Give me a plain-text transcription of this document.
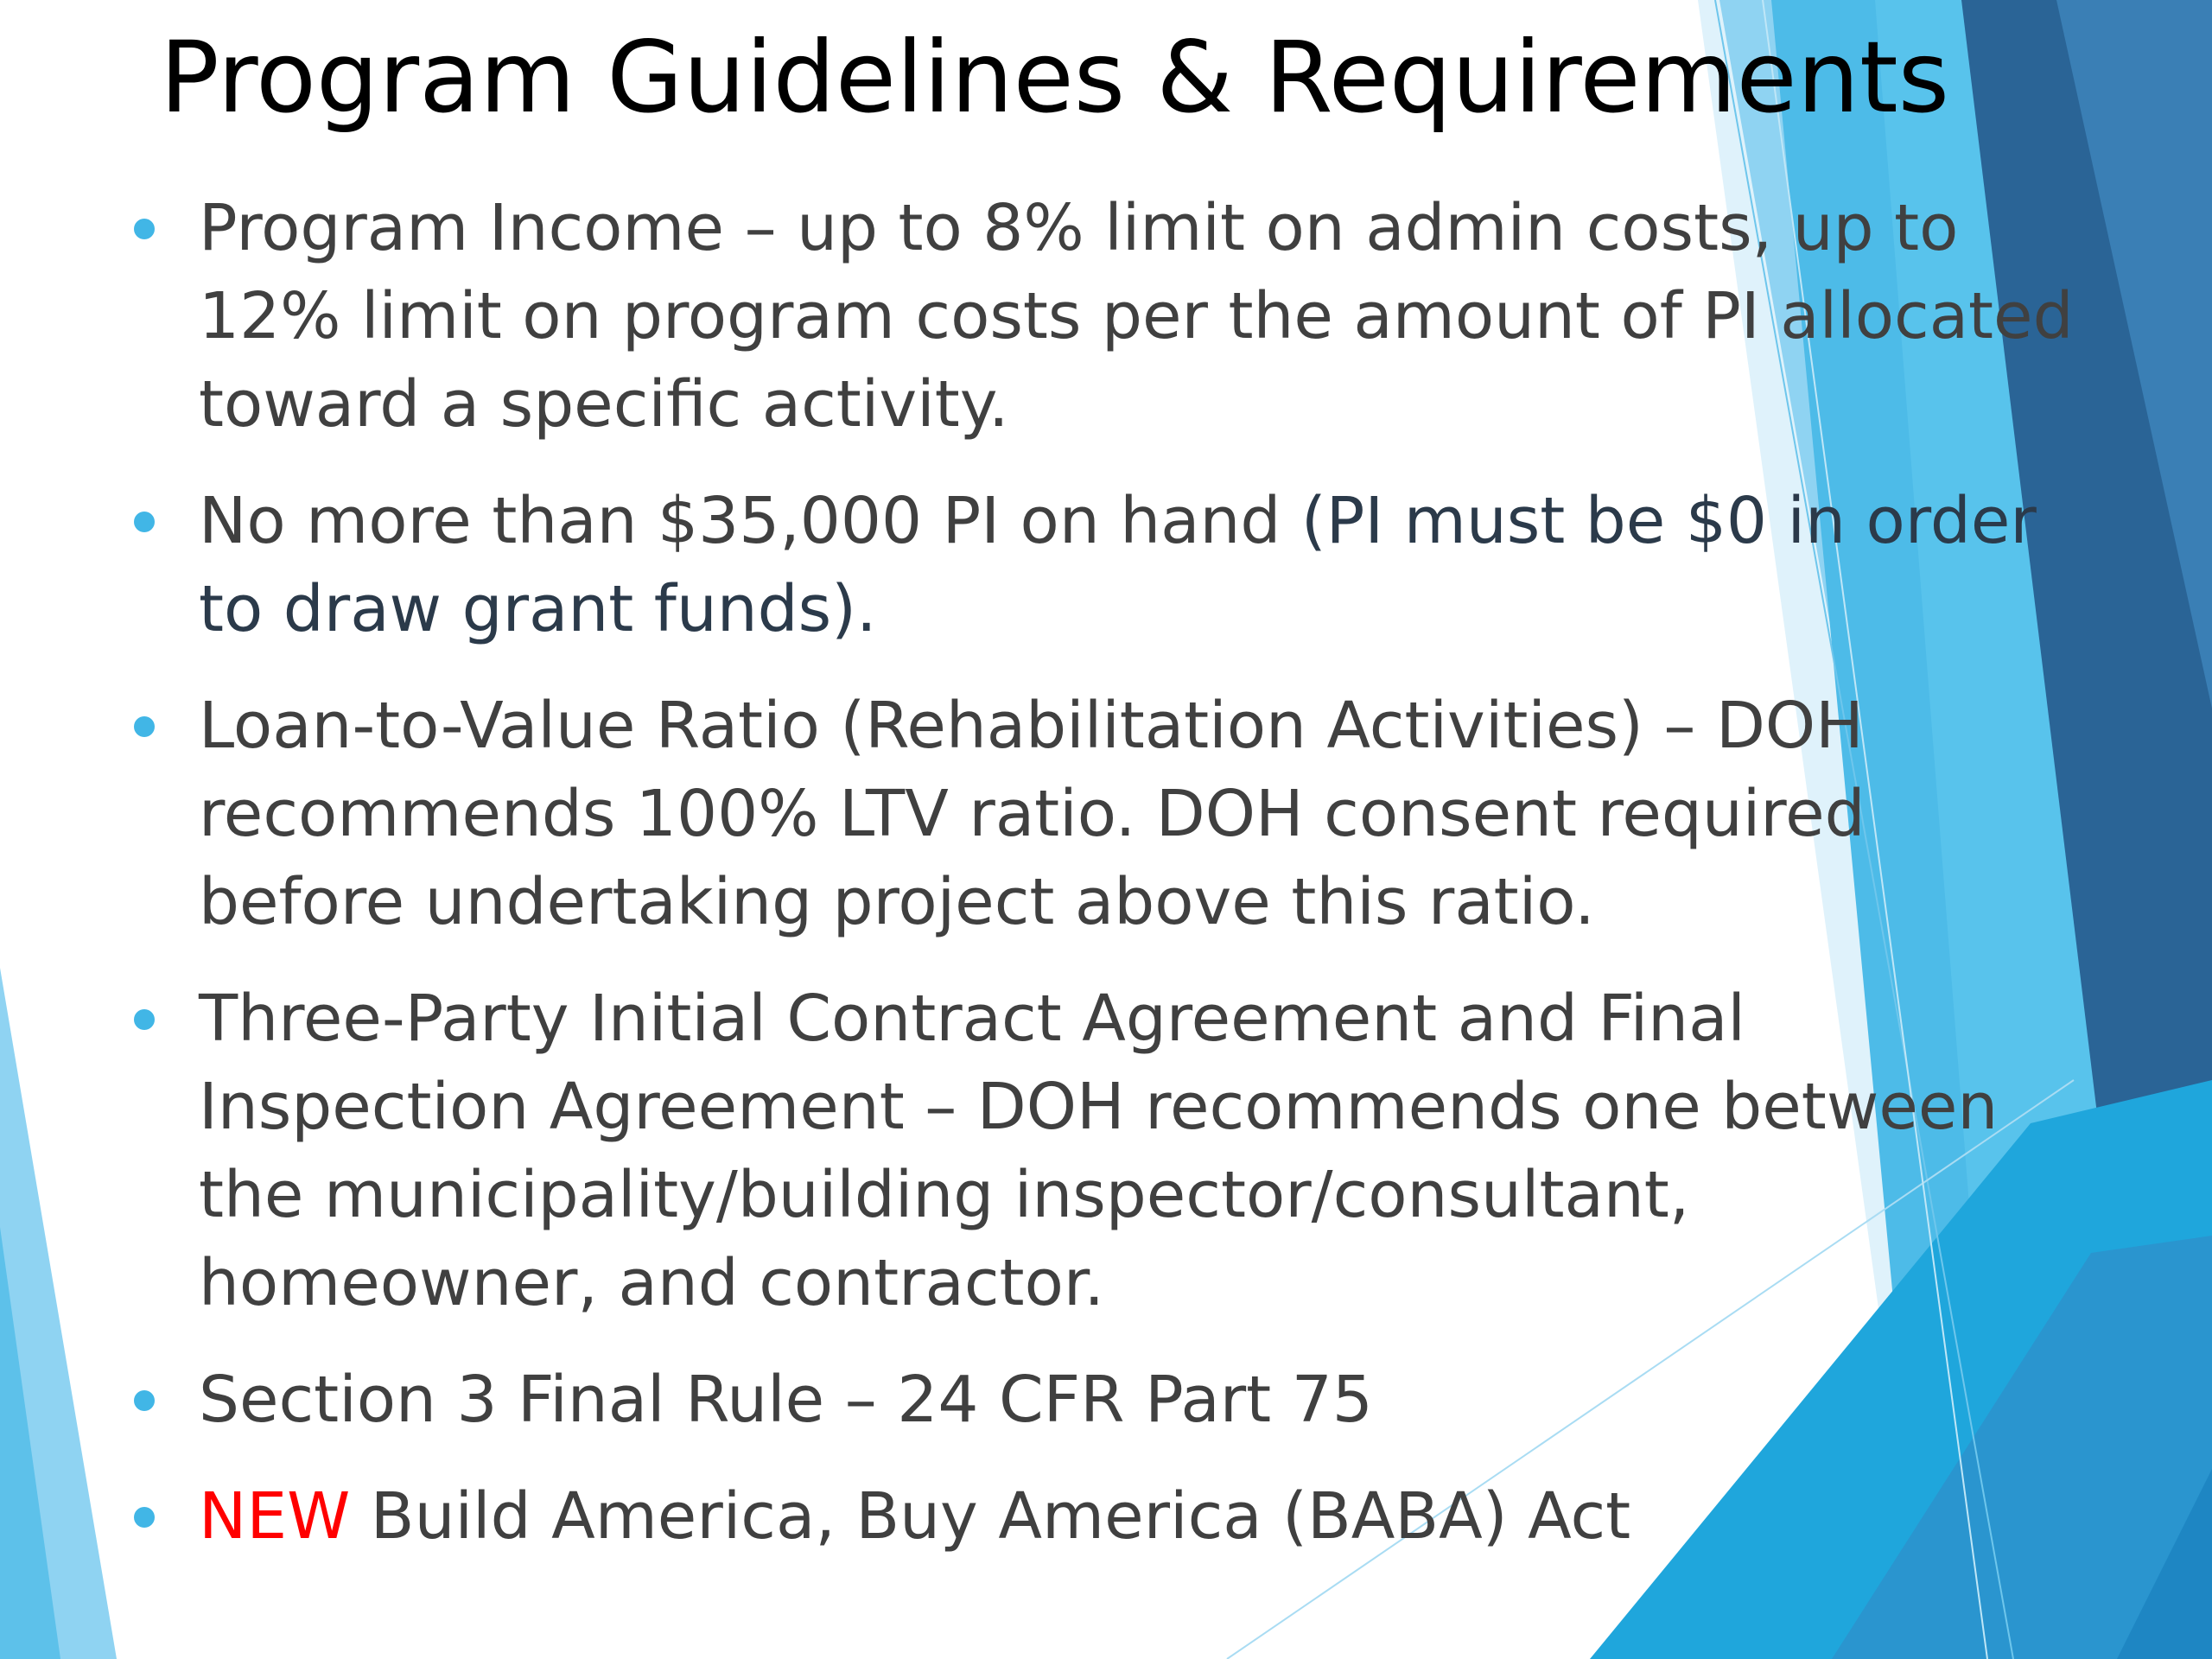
Program Guidelines & Requirements
Program Income – up to 8% limit on admin costs, up to 12% limit on program costs per the amount of PI allocated toward a specific activity.
No more than $35,000 PI on hand (PI must be $0 in order to draw grant funds).
Loan-to-Value Ratio (Rehabilitation Activities) – DOH recommends 100% LTV ratio. DOH consent required before undertaking project above this ratio.
Three-Party Initial Contract Agreement and Final Inspection Agreement – DOH recommends one between the municipality/building inspector/consultant, homeowner, and contractor.
Section 3 Final Rule – 24 CFR Part 75
NEW Build America, Buy America (BABA) Act
